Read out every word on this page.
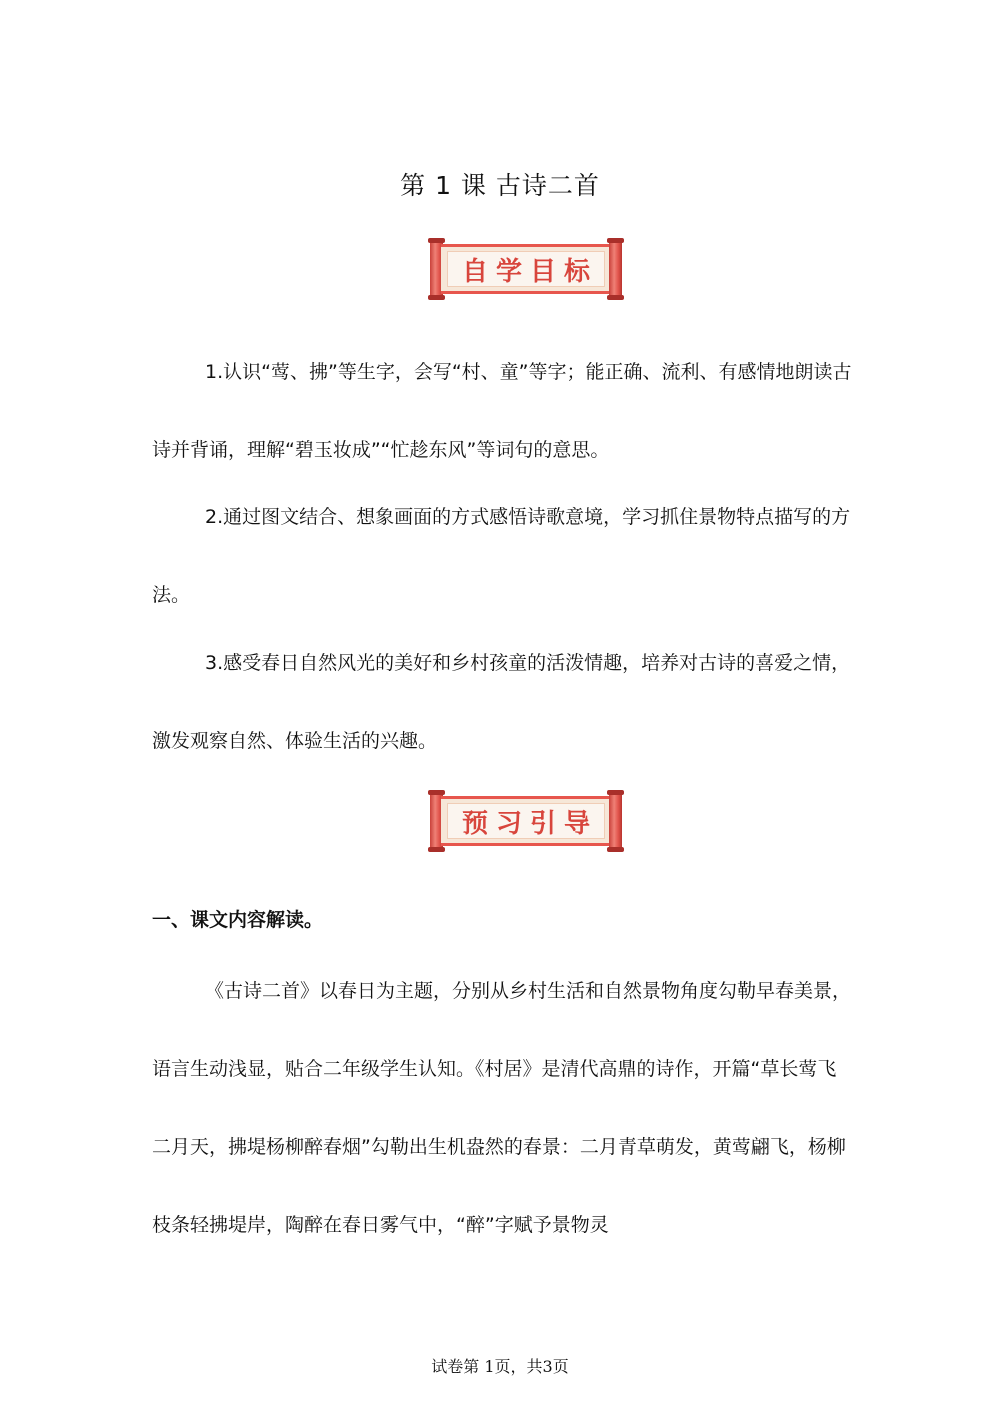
第 1 课 古诗二首
自学目标

1.认识“莺、拂”等生字，会写“村、童”等字；能正确、流利、有感情地朗读古诗并背诵，理解“碧玉妆成”“忙趁东风”等词句的意思。

2.通过图文结合、想象画面的方式感悟诗歌意境，学习抓住景物特点描写的方法。

3.感受春日自然风光的美好和乡村孩童的活泼情趣，培养对古诗的喜爱之情，激发观察自然、体验生活的兴趣。

预习引导

一、课文内容解读。

《古诗二首》以春日为主题，分别从乡村生活和自然景物角度勾勒早春美景，语言生动浅显，贴合二年级学生认知。《村居》是清代高鼎的诗作，开篇“草长莺飞二月天，拂堤杨柳醉春烟”勾勒出生机盎然的春景：二月青草萌发，黄莺翩飞，杨柳枝条轻拂堤岸，陶醉在春日雾气中，“醉”字赋予景物灵

试卷第 1页，共3页
